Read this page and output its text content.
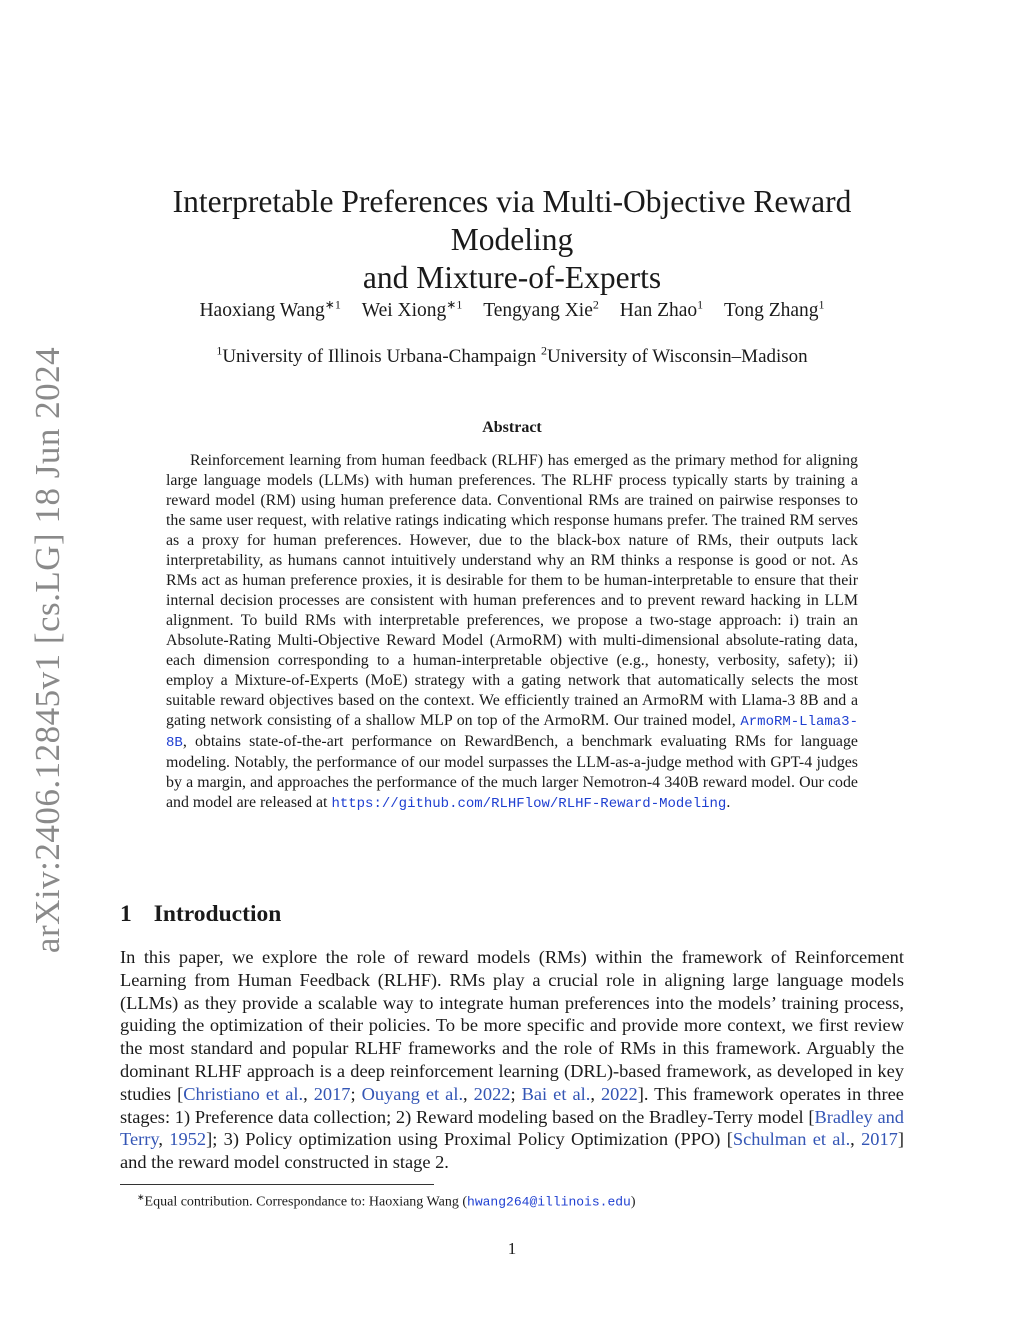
arXiv:2406.12845v1 [cs.LG] 18 Jun 2024
Interpretable Preferences via Multi-Objective Reward Modeling
and Mixture-of-Experts
Haoxiang Wang$^{∗1}$ Wei Xiong$^{∗1}$ Tengyang Xie$^2$ Han Zhao$^1$ Tong Zhang$^1$
$^1$University of Illinois Urbana-Champaign $^2$University of Wisconsin–Madison
Abstract

Reinforcement learning from human feedback (RLHF) has emerged as the primary method for aligning large language models (LLMs) with human preferences. The RLHF process typically starts by training a reward model (RM) using human preference data. Conventional RMs are trained on pairwise responses to the same user request, with relative ratings indicating which response humans prefer. The trained RM serves as a proxy for human preferences. However, due to the black-box nature of RMs, their outputs lack interpretability, as humans cannot intuitively understand why an RM thinks a response is good or not. As RMs act as human preference proxies, it is desirable for them to be human-interpretable to ensure that their internal decision processes are consistent with human preferences and to prevent reward hacking in LLM alignment. To build RMs with interpretable preferences, we propose a two-stage approach: i) train an Absolute-Rating Multi-Objective Reward Model (ArmoRM) with multi-dimensional absolute-rating data, each dimension corresponding to a human-interpretable objective (e.g., honesty, verbosity, safety); ii) employ a Mixture-of-Experts (MoE) strategy with a gating network that automatically selects the most suitable reward objectives based on the context. We efficiently trained an ArmoRM with Llama-3 8B and a gating network consisting of a shallow MLP on top of the ArmoRM. Our trained model, ArmoRM-Llama3-8B, obtains state-of-the-art performance on RewardBench, a benchmark evaluating RMs for language modeling. Notably, the performance of our model surpasses the LLM-as-a-judge method with GPT-4 judges by a margin, and approaches the performance of the much larger Nemotron-4 340B reward model. Our code and model are released at https://github.com/RLHFlow/RLHF-Reward-Modeling.

1 Introduction

In this paper, we explore the role of reward models (RMs) within the framework of Reinforcement Learning from Human Feedback (RLHF). RMs play a crucial role in aligning large language models (LLMs) as they provide a scalable way to integrate human preferences into the models’ training process, guiding the optimization of their policies. To be more specific and provide more context, we first review the most standard and popular RLHF frameworks and the role of RMs in this framework. Arguably the dominant RLHF approach is a deep reinforcement learning (DRL)-based framework, as developed in key studies [Christiano et al., 2017; Ouyang et al., 2022; Bai et al., 2022]. This framework operates in three stages: 1) Preference data collection; 2) Reward modeling based on the Bradley-Terry model [Bradley and Terry, 1952]; 3) Policy optimization using Proximal Policy Optimization (PPO) [Schulman et al., 2017] and the reward model constructed in stage 2.

∗Equal contribution. Correspondance to: Haoxiang Wang (hwang264@illinois.edu)
1
